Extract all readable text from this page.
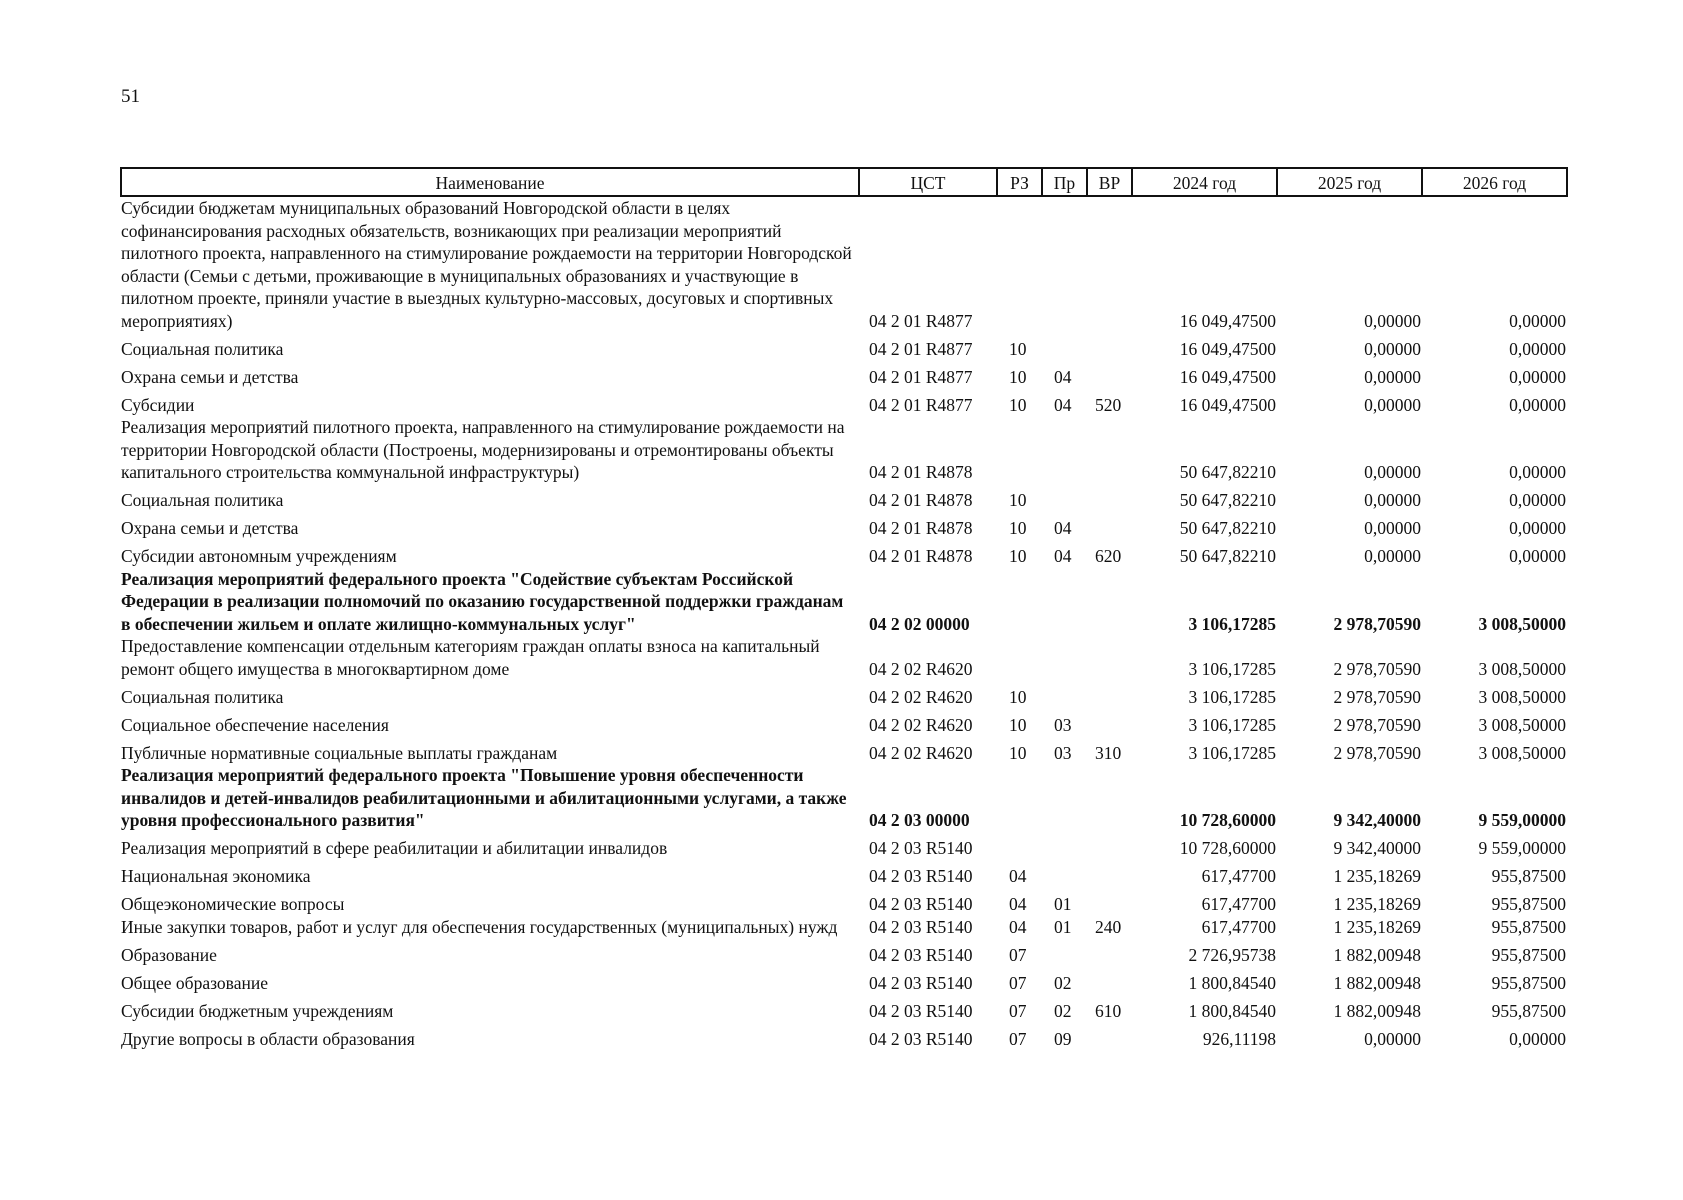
51
Наименование	ЦСТ	РЗ	Пр	ВР	2024 год	2025 год	2026 год
Субсидии бюджетам муниципальных образований Новгородской области в целях софинансирования расходных обязательств, возникающих при реализации мероприятий пилотного проекта, направленного на стимулирование рождаемости на территории Новгородской области (Семьи с детьми, проживающие в муниципальных образованиях и участвующие в пилотном проекте, приняли участие в выездных культурно-массовых, досуговых и спортивных мероприятиях)	04 2 01 R4877				16 049,47500	0,00000	0,00000
Социальная политика	04 2 01 R4877	10			16 049,47500	0,00000	0,00000
Охрана семьи и детства	04 2 01 R4877	10	04		16 049,47500	0,00000	0,00000
Субсидии	04 2 01 R4877	10	04	520	16 049,47500	0,00000	0,00000
Реализация мероприятий пилотного проекта, направленного на стимулирование рождаемости на территории Новгородской области (Построены, модернизированы и отремонтированы объекты капитального строительства коммунальной инфраструктуры)	04 2 01 R4878				50 647,82210	0,00000	0,00000
Социальная политика	04 2 01 R4878	10			50 647,82210	0,00000	0,00000
Охрана семьи и детства	04 2 01 R4878	10	04		50 647,82210	0,00000	0,00000
Субсидии автономным учреждениям	04 2 01 R4878	10	04	620	50 647,82210	0,00000	0,00000
Реализация мероприятий федерального проекта "Содействие субъектам Российской Федерации в реализации полномочий по оказанию государственной поддержки гражданам в обеспечении жильем и оплате жилищно-коммунальных услуг"	04 2 02 00000				3 106,17285	2 978,70590	3 008,50000
Предоставление компенсации отдельным категориям граждан оплаты взноса на капитальный ремонт общего имущества в многоквартирном доме	04 2 02 R4620				3 106,17285	2 978,70590	3 008,50000
Социальная политика	04 2 02 R4620	10			3 106,17285	2 978,70590	3 008,50000
Социальное обеспечение населения	04 2 02 R4620	10	03		3 106,17285	2 978,70590	3 008,50000
Публичные нормативные социальные выплаты гражданам	04 2 02 R4620	10	03	310	3 106,17285	2 978,70590	3 008,50000
Реализация мероприятий федерального проекта "Повышение уровня обеспеченности инвалидов и детей-инвалидов реабилитационными и абилитационными услугами, а также уровня профессионального развития"	04 2 03 00000				10 728,60000	9 342,40000	9 559,00000
Реализация мероприятий в сфере реабилитации и абилитации инвалидов	04 2 03 R5140				10 728,60000	9 342,40000	9 559,00000
Национальная экономика	04 2 03 R5140	04			617,47700	1 235,18269	955,87500
Общеэкономические вопросы	04 2 03 R5140	04	01		617,47700	1 235,18269	955,87500
Иные закупки товаров, работ и услуг для обеспечения государственных (муниципальных) нужд	04 2 03 R5140	04	01	240	617,47700	1 235,18269	955,87500
Образование	04 2 03 R5140	07			2 726,95738	1 882,00948	955,87500
Общее образование	04 2 03 R5140	07	02		1 800,84540	1 882,00948	955,87500
Субсидии бюджетным учреждениям	04 2 03 R5140	07	02	610	1 800,84540	1 882,00948	955,87500
Другие вопросы в области образования	04 2 03 R5140	07	09		926,11198	0,00000	0,00000
